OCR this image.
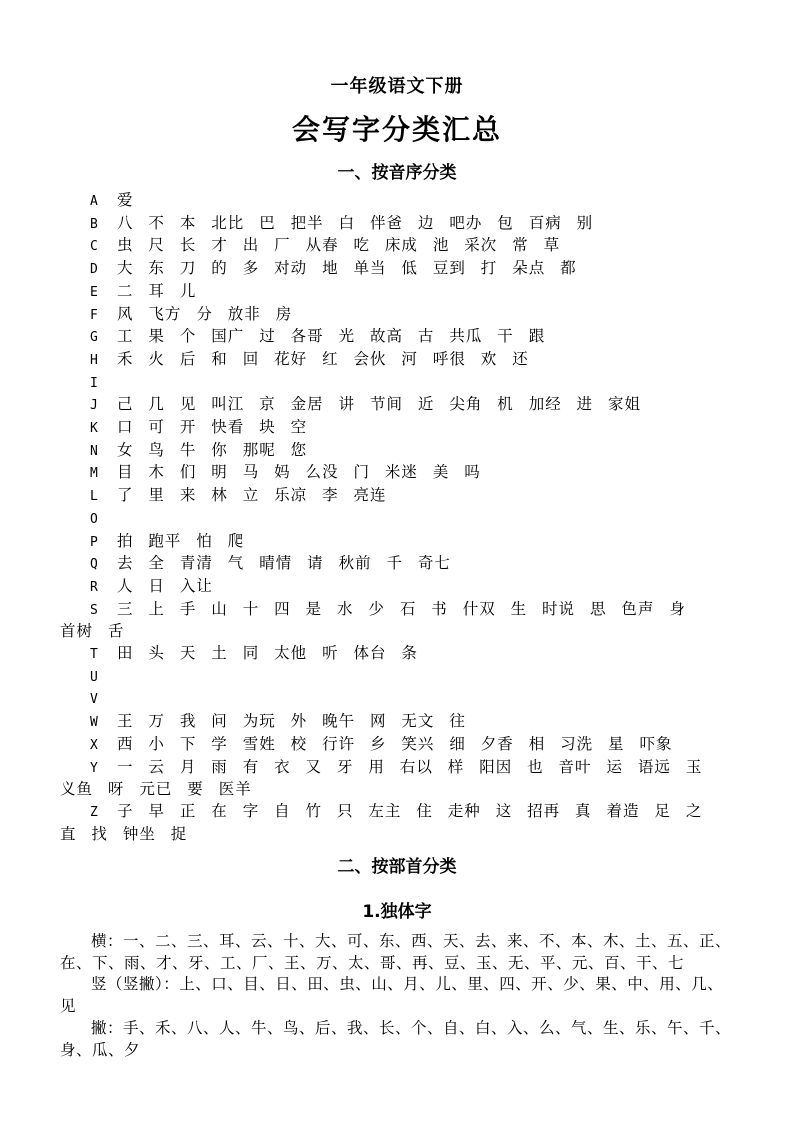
一年级语文下册
会写字分类汇总
一、按音序分类
A 爱
B 八 不 本 北比 巴 把半 白 伴爸 边 吧办 包 百病 别
C 虫 尺 长 才 出 厂 从春 吃 床成 池 采次 常 草
D 大 东 刀 的 多 对动 地 单当 低 豆到 打 朵点 都
E 二 耳 儿
F 风 飞方 分 放非 房
G 工 果 个 国广 过 各哥 光 故高 古 共瓜 干 跟
H 禾 火 后 和 回 花好 红 会伙 河 呼很 欢 还
I
J 己 几 见 叫江 京 金居 讲 节间 近 尖角 机 加经 进 家姐
K 口 可 开 快看 块 空
N 女 鸟 牛 你 那呢 您
M 目 木 们 明 马 妈 么没 门 米迷 美 吗
L 了 里 来 林 立 乐凉 李 亮连
O
P 拍 跑平 怕 爬
Q 去 全 青清 气 晴情 请 秋前 千 奇七
R 人 日 入让
S 三 上 手 山 十 四 是 水 少 石 书 什双 生 时说 思 色声 身
首树 舌
T 田 头 天 土 同 太他 听 体台 条
U
V
W 王 万 我 问 为玩 外 晚午 网 无文 往
X 西 小 下 学 雪姓 校 行许 乡 笑兴 细 夕香 相 习洗 星 吓象
Y 一 云 月 雨 有 衣 又 牙 用 右以 样 阳因 也 音叶 运 语远 玉
义鱼 呀 元已 要 医羊
Z 子 早 正 在 字 自 竹 只 左主 住 走种 这 招再 真 着造 足 之
直 找 钟坐 捉
二、按部首分类
1.独体字
横：一、二、三、耳、云、十、大、可、东、西、天、去、来、不、本、木、土、五、正、
在、下、雨、才、牙、工、厂、王、万、太、哥、再、豆、玉、无、平、元、百、干、七
竖（竖撇）：上、口、目、日、田、虫、山、月、儿、里、四、开、少、果、中、用、几、
见
撇：手、禾、八、人、牛、鸟、后、我、长、个、自、白、入、么、气、生、乐、午、千、
身、瓜、夕
